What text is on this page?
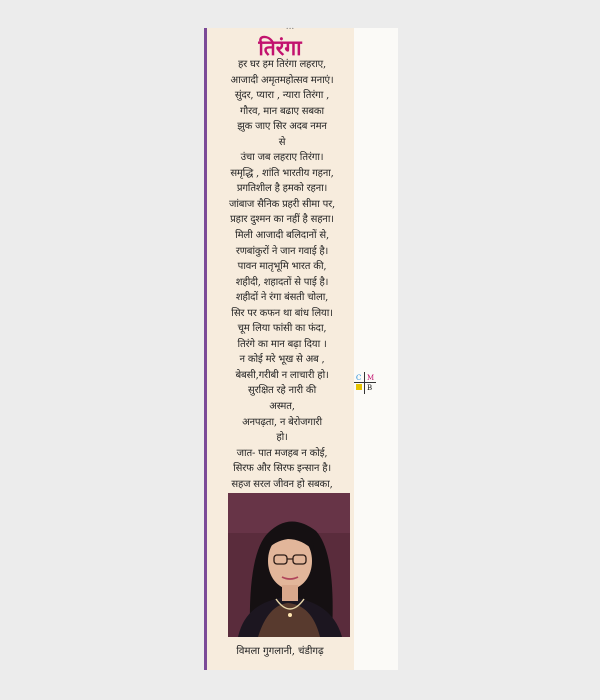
...
तिरंगा
हर घर हम तिरंगा लहराए,
आजादी अमृतमहोत्सव मनाएं।
सुंदर, प्यारा , न्यारा तिरंगा ,
गौरव, मान बढाए सबका
झुक जाए सिर अदब नमन
से
उंचा जब लहराए तिरंगा।
समृद्धि , शांति भारतीय गहना,
प्रगतिशील है हमको रहना।
जांबाज सैनिक प्रहरी सीमा पर,
प्रहार दुश्मन का नहीं है सहना।
मिली आजादी बलिदानों से,
रणबांकुरों ने जान गवाई है।
पावन मातृभूमि भारत की,
शहीदी, शहादतों से पाई है।
शहीदों ने रंगा बंसती चोला,
सिर पर कफन था बांध लिया।
चूम लिया फांसी का फंदा,
तिरंगे का मान बढ़ा दिया ।
न कोई मरे भूख से अब ,
बेबसी,गरीबी न लाचारी हो।
सुरक्षित रहे नारी की
अस्मत,
अनपढ़ता, न बेरोजगारी
हो।
जात- पात मजहब न कोई,
सिरफ और सिरफ इन्सान है।
सहज सरल जीवन हो सबका,
विमला गुगलानी, चंडीगढ़
C M
B
